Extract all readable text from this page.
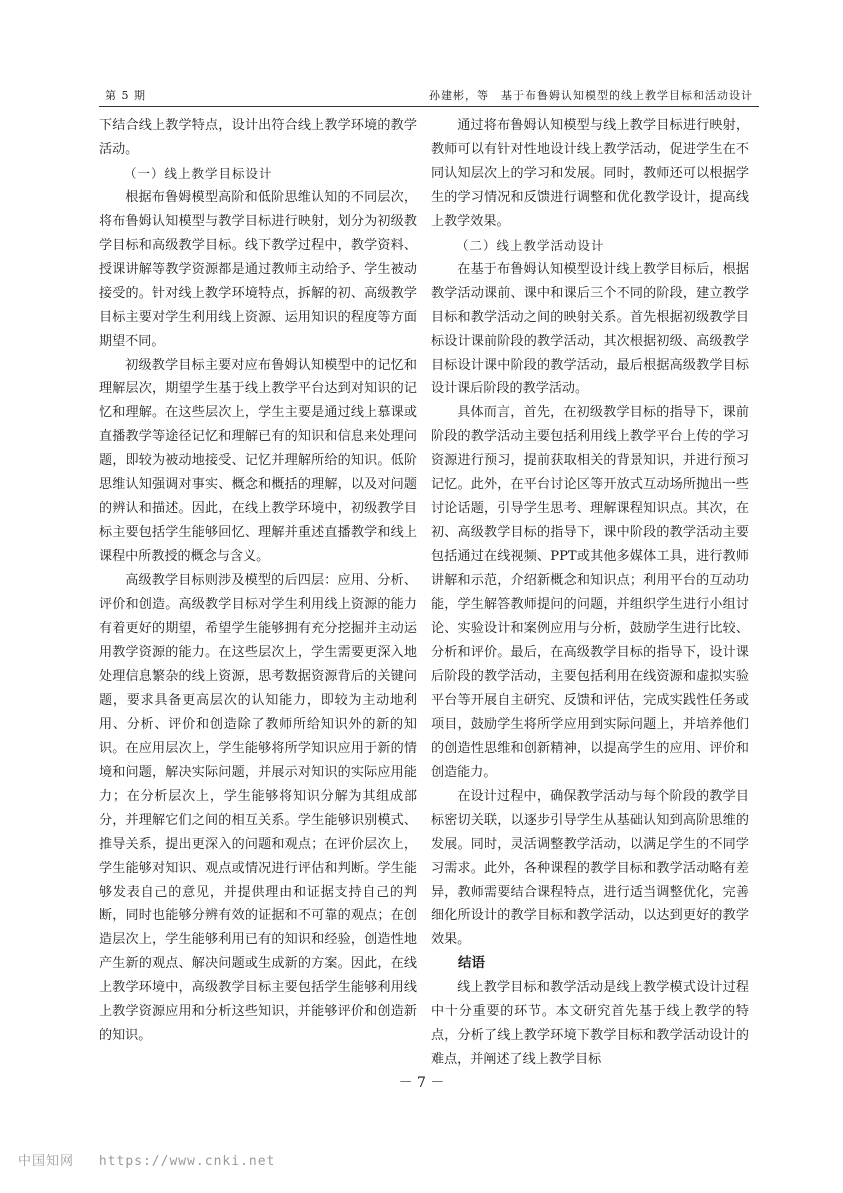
第 5 期	孙建彬，等　基于布鲁姆认知模型的线上教学目标和活动设计

下结合线上教学特点，设计出符合线上教学环境的教学活动。

（一）线上教学目标设计

根据布鲁姆模型高阶和低阶思维认知的不同层次，将布鲁姆认知模型与教学目标进行映射，划分为初级教学目标和高级教学目标。线下教学过程中，教学资料、授课讲解等教学资源都是通过教师主动给予、学生被动接受的。针对线上教学环境特点，拆解的初、高级教学目标主要对学生利用线上资源、运用知识的程度等方面期望不同。

初级教学目标主要对应布鲁姆认知模型中的记忆和理解层次，期望学生基于线上教学平台达到对知识的记忆和理解。在这些层次上，学生主要是通过线上慕课或直播教学等途径记忆和理解已有的知识和信息来处理问题，即较为被动地接受、记忆并理解所给的知识。低阶思维认知强调对事实、概念和概括的理解，以及对问题的辨认和描述。因此，在线上教学环境中，初级教学目标主要包括学生能够回忆、理解并重述直播教学和线上课程中所教授的概念与含义。

高级教学目标则涉及模型的后四层：应用、分析、评价和创造。高级教学目标对学生利用线上资源的能力有着更好的期望，希望学生能够拥有充分挖掘并主动运用教学资源的能力。在这些层次上，学生需要更深入地处理信息繁杂的线上资源，思考数据资源背后的关键问题，要求具备更高层次的认知能力，即较为主动地利用、分析、评价和创造除了教师所给知识外的新的知识。在应用层次上，学生能够将所学知识应用于新的情境和问题，解决实际问题，并展示对知识的实际应用能力；在分析层次上，学生能够将知识分解为其组成部分，并理解它们之间的相互关系。学生能够识别模式、推导关系，提出更深入的问题和观点；在评价层次上，学生能够对知识、观点或情况进行评估和判断。学生能够发表自己的意见，并提供理由和证据支持自己的判断，同时也能够分辨有效的证据和不可靠的观点；在创造层次上，学生能够利用已有的知识和经验，创造性地产生新的观点、解决问题或生成新的方案。因此，在线上教学环境中，高级教学目标主要包括学生能够利用线上教学资源应用和分析这些知识，并能够评价和创造新的知识。

通过将布鲁姆认知模型与线上教学目标进行映射，教师可以有针对性地设计线上教学活动，促进学生在不同认知层次上的学习和发展。同时，教师还可以根据学生的学习情况和反馈进行调整和优化教学设计，提高线上教学效果。

（二）线上教学活动设计

在基于布鲁姆认知模型设计线上教学目标后，根据教学活动课前、课中和课后三个不同的阶段，建立教学目标和教学活动之间的映射关系。首先根据初级教学目标设计课前阶段的教学活动，其次根据初级、高级教学目标设计课中阶段的教学活动，最后根据高级教学目标设计课后阶段的教学活动。

具体而言，首先，在初级教学目标的指导下，课前阶段的教学活动主要包括利用线上教学平台上传的学习资源进行预习，提前获取相关的背景知识，并进行预习记忆。此外，在平台讨论区等开放式互动场所抛出一些讨论话题，引导学生思考、理解课程知识点。其次，在初、高级教学目标的指导下，课中阶段的教学活动主要包括通过在线视频、PPT或其他多媒体工具，进行教师讲解和示范，介绍新概念和知识点；利用平台的互动功能，学生解答教师提问的问题，并组织学生进行小组讨论、实验设计和案例应用与分析，鼓励学生进行比较、分析和评价。最后，在高级教学目标的指导下，设计课后阶段的教学活动，主要包括利用在线资源和虚拟实验平台等开展自主研究、反馈和评估，完成实践性任务或项目，鼓励学生将所学应用到实际问题上，并培养他们的创造性思维和创新精神，以提高学生的应用、评价和创造能力。

在设计过程中，确保教学活动与每个阶段的教学目标密切关联，以逐步引导学生从基础认知到高阶思维的发展。同时，灵活调整教学活动，以满足学生的不同学习需求。此外，各种课程的教学目标和教学活动略有差异，教师需要结合课程特点，进行适当调整优化，完善细化所设计的教学目标和教学活动，以达到更好的教学效果。

结语

线上教学目标和教学活动是线上教学模式设计过程中十分重要的环节。本文研究首先基于线上教学的特点，分析了线上教学环境下教学目标和教学活动设计的难点，并阐述了线上教学目标

－ 7 －
中国知网 https://www.cnki.net
